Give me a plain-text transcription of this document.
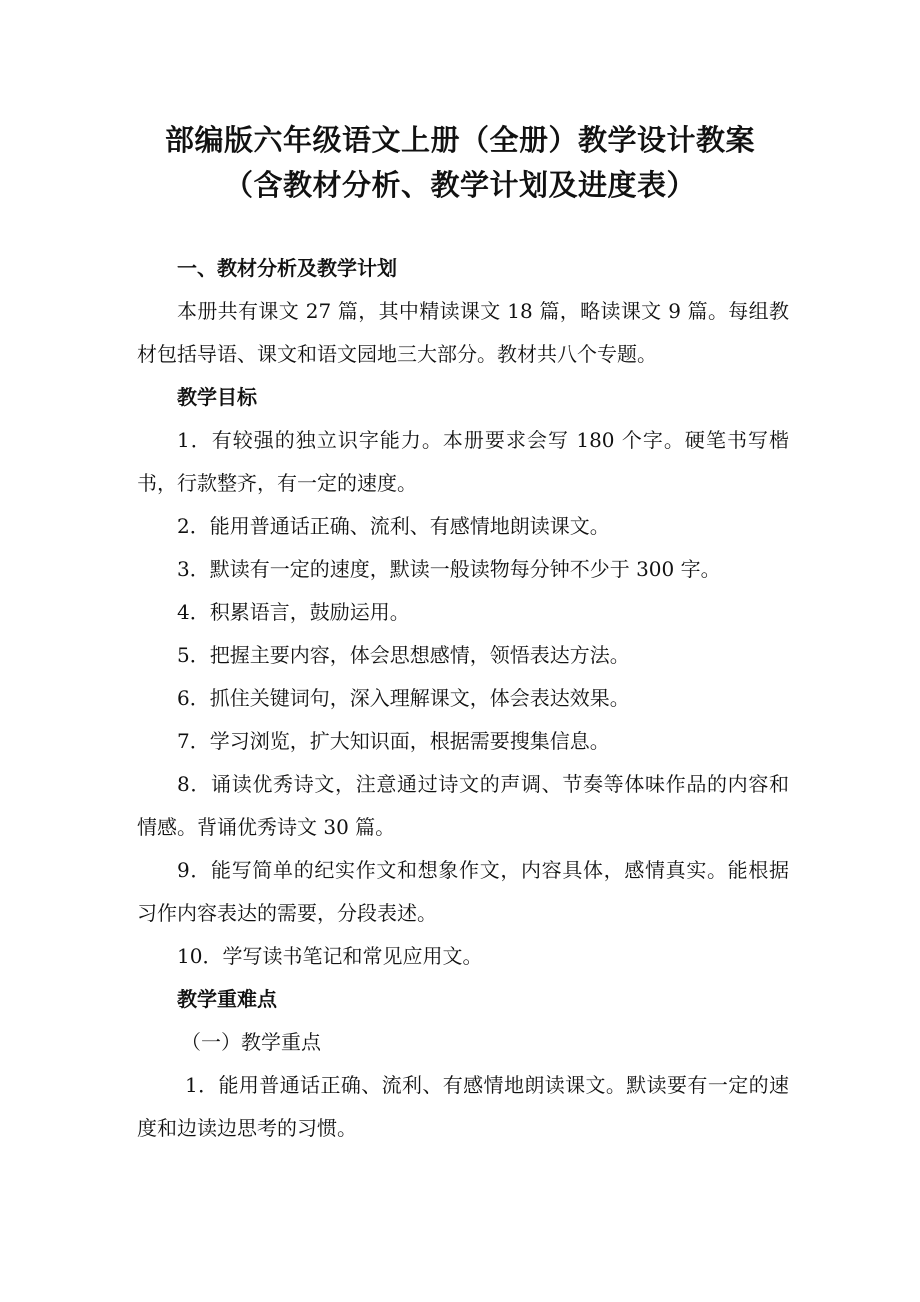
部编版六年级语文上册（全册）教学设计教案
（含教材分析、教学计划及进度表）

一、教材分析及教学计划

本册共有课文 27 篇，其中精读课文 18 篇，略读课文 9 篇。每组教材包括导语、课文和语文园地三大部分。教材共八个专题。

教学目标

1．有较强的独立识字能力。本册要求会写 180 个字。硬笔书写楷书，行款整齐，有一定的速度。

2．能用普通话正确、流利、有感情地朗读课文。

3．默读有一定的速度，默读一般读物每分钟不少于 300 字。

4．积累语言，鼓励运用。

5．把握主要内容，体会思想感情，领悟表达方法。

6．抓住关键词句，深入理解课文，体会表达效果。

7．学习浏览，扩大知识面，根据需要搜集信息。

8．诵读优秀诗文，注意通过诗文的声调、节奏等体味作品的内容和情感。背诵优秀诗文 30 篇。

9．能写简单的纪实作文和想象作文，内容具体，感情真实。能根据习作内容表达的需要，分段表述。

10．学写读书笔记和常见应用文。

教学重难点

（一）教学重点

1．能用普通话正确、流利、有感情地朗读课文。默读要有一定的速度和边读边思考的习惯。
